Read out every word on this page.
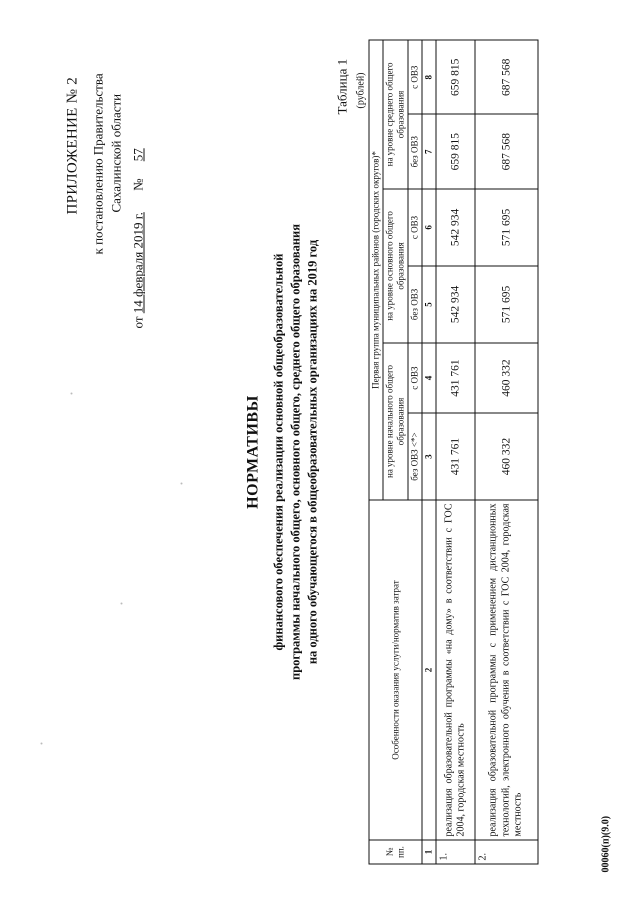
ПРИЛОЖЕНИЕ № 2 к постановлению Правительства Сахалинской области
от 14 февраля 2019 г. № 57
НОРМАТИВЫ финансового обеспечения реализации основной общеобразовательной программы начального общего, основного общего, среднего общего образования на одного обучающегося в общеобразовательных организациях на 2019 год
Таблица 1 (рублей)
№ пп.	Особенности оказания услуги/норматив затрат	Первая группа муниципальных районов (городских округов)*					
		на уровне начального общего образования		на уровне основного общего образования		на уровне среднего общего образования	
		без ОВЗ <*>	с ОВЗ	без ОВЗ	с ОВЗ	без ОВЗ	с ОВЗ
1	2	3	4	5	6	7	8
1.	реализация образовательной программы «на дому» в соответствии с ГОС 2004, городская местность	431 761	431 761	542 934	542 934	659 815	659 815
2.	реализация образовательной программы с применением дистанционных технологий, электронного обучения в соответствии с ГОС 2004, городская местность	460 332	460 332	571 695	571 695	687 568	687 568
00060(п)(9.0)
